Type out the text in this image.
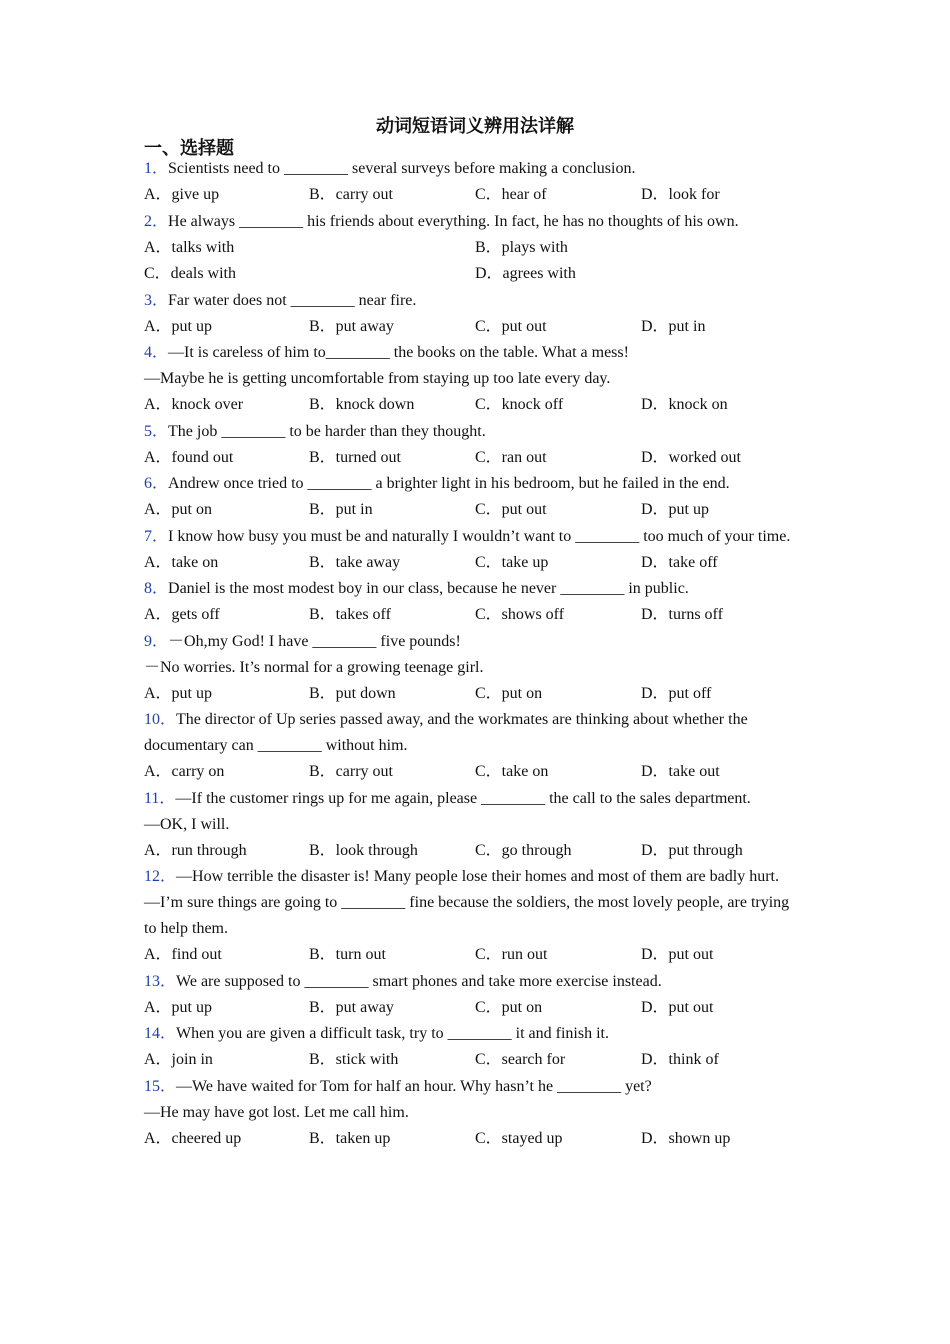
动词短语词义辨用法详解
一、选择题
1．Scientists need to ________ several surveys before making a conclusion.
A．give up	B．carry out	C．hear of	D．look for
2．He always ________ his friends about everything. In fact, he has no thoughts of his own.
A．talks with	B．plays with
C．deals with	D．agrees with
3．Far water does not ________ near fire.
A．put up	B．put away	C．put out	D．put in
4．—It is careless of him to________ the books on the table. What a mess!
—Maybe he is getting uncomfortable from staying up too late every day.
A．knock over	B．knock down	C．knock off	D．knock on
5．The job ________ to be harder than they thought.
A．found out	B．turned out	C．ran out	D．worked out
6．Andrew once tried to ________ a brighter light in his bedroom, but he failed in the end.
A．put on	B．put in	C．put out	D．put up
7．I know how busy you must be and naturally I wouldn’t want to ________ too much of your time.
A．take on	B．take away	C．take up	D．take off
8．Daniel is the most modest boy in our class, because he never ________ in public.
A．gets off	B．takes off	C．shows off	D．turns off
9．－Oh,my God! I have ________ five pounds!
－No worries. It’s normal for a growing teenage girl.
A．put up	B．put down	C．put on	D．put off
10．The director of Up series passed away, and the workmates are thinking about whether the documentary can ________ without him.
A．carry on	B．carry out	C．take on	D．take out
11．—If the customer rings up for me again, please ________ the call to the sales department.
—OK, I will.
A．run through	B．look through	C．go through	D．put through
12．—How terrible the disaster is! Many people lose their homes and most of them are badly hurt.
—I’m sure things are going to ________ fine because the soldiers, the most lovely people, are trying to help them.
A．find out	B．turn out	C．run out	D．put out
13．We are supposed to ________ smart phones and take more exercise instead.
A．put up	B．put away	C．put on	D．put out
14．When you are given a difficult task, try to ________ it and finish it.
A．join in	B．stick with	C．search for	D．think of
15．—We have waited for Tom for half an hour. Why hasn’t he ________ yet?
—He may have got lost. Let me call him.
A．cheered up	B．taken up	C．stayed up	D．shown up
